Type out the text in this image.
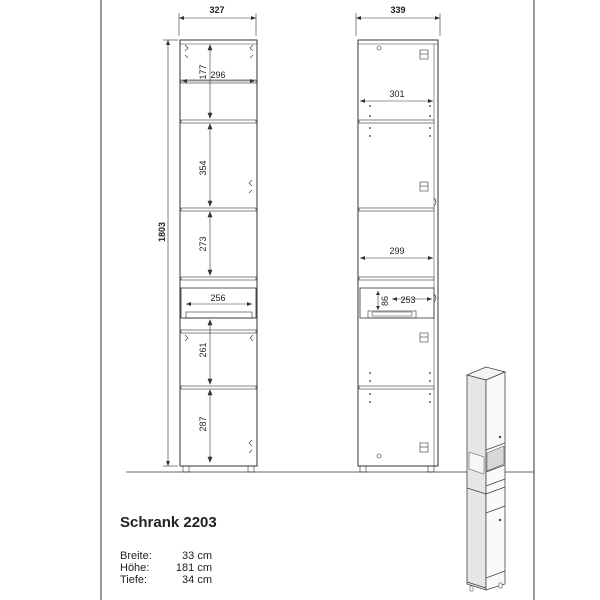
327
1803
177
354
273
261
287
296
256
339
301
299
86 253
Schrank 2203
Breite:	33 cm
Höhe:	181 cm
Tiefe:	34 cm
